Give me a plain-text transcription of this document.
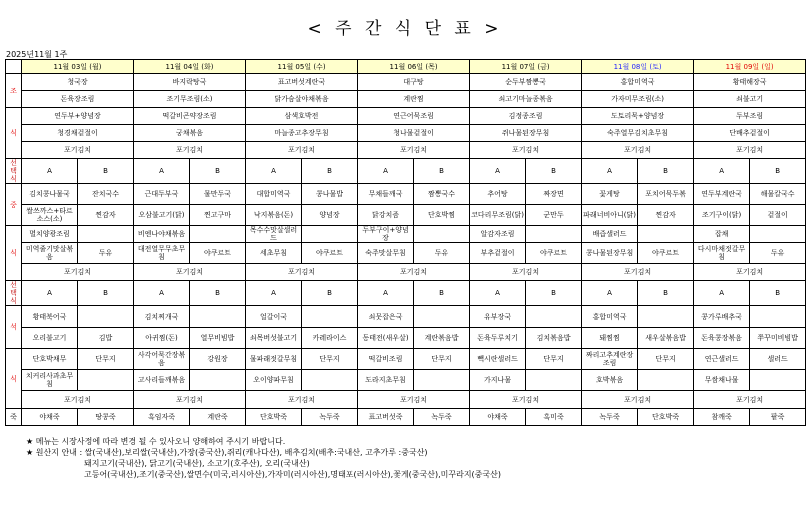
< 주 간 식 단 표 >
2025년11월 1주
	11월 03일 (월)		11월 04일 (화)		11월 05일 (수)		11월 06일 (목)		11월 07일 (금)		11월 08일 (토)		11월 09일 (일)	
조	청국장		바지락탕국		표고버섯계란국		대구탕		순두부짬뽕국		홍합미역국		황태해장국	
	돈육장조림		조기무조림(소)		닭가슴살야채볶음		계란찜		쇠고기마늘종볶음		가자미무조림(소)		쇠불고기	
식	연두부+양념장		떡갈비곤약장조림		삼색호박전		연근어묵조림		김정종조림		도토리묵+양념장		두부조림	
	청경채겉절이		궁채볶음		마늘종고추장무침		청나물겉절이		쥐나물된장무침		숙주열무김치초무침		단배추겉절이	
	포기김치		포기김치		포기김치		포기김치		포기김치		포기김치		포기김치	
선택식	A	B	A	B	A	B	A	B	A	B	A	B	A	B
중	김치콩나물국	잔치국수	근대두부국	물만두국	대합미역국	콩나물밥	무채들깨국	짬뽕국수	추어탕	짜장면	꽃게탕	포치어묵두볶	연두부계란국	해물칼국수
	쌀쓰까스+타르소스(소)	찐감자	오삼불고기(닭)	찐고구마	낙지볶음(돈)	양념장	닭강치즘	단호박찜	코다리무조림(닭)	군만두	파래너비아니(닭)	찐감자	조기구이(닭)	겉절이
식	멸치양광조림		비엔나야채볶음		목수수맛살샐러드		두부구이+양념장		알감자조림		배즙샐러드		잡채	
	미역줄기맛살볶음	두유	대전열무무초무침	야쿠르트	세초무침	야쿠르트	숙주맛살무침	두유	부추겉절이	야쿠르트	콩나물된장무침	야쿠르트	다시마채젓갈무침	두유
	포기김치		포기김치		포기김치		포기김치		포기김치		포기김치		포기김치	
선택식	A	B	A	B	A	B	A	B	A	B	A	B	A	B
석	황태북어국		김치찌개국		얼갈이국		쇠뭇잡은국		유부장국		홍합미역국		콩가루배추국	
	오리불고기	김밥	아귀찜(돈)	열무비빔밥	쇠목버섯불고기	카레라이스	동태전(새우살)	계란볶음밥	돈육두루치기	김치볶음밥	돼찜찜	새우살볶음밥	돈육콩장볶음	쭈꾸미비빔밥
식	단호박채무	단무지	사각어묵간장볶음	강원장	물파래젓갈무침	단무지	떡갈비조림	단무지	빽시란샐러드	단무지	짜리고추계란장조림	단무지	연근샐러드	샐러드
	치커리사과초무침		고사리들깨볶음		오이양파무침		도라지초무침		가지나물		호박볶음		무쌈채나물	
	포기김치		포기김치		포기김치		포기김치		포기김치		포기김치		포기김치	
죽	야채죽	땅콩죽	흑임자죽	계란죽	단호박죽	녹두죽	표고버섯죽	녹두죽	야채죽	흑미죽	녹두죽	단호박죽	참깨죽	팥죽
★ 메뉴는 시장사정에 따라 변경 될 수 있사오니 양해하여 주시기 바랍니다.
★ 원산지 안내 : 쌀(국내산),보리쌀(국내산),가장(중국산),쥐리(캐나다산), 배추김치(배추:국내산, 고추가루 :중국산)
돼지고기(국내산), 닭고기(국내산), 소고기(호주산), 오리(국내산)
고등어(국내산),조기(중국산),쌀면수(미국,러시아산),가자미(러시아산),명태포(러시아산),꽃게(중국산),미꾸라지(중국산)
